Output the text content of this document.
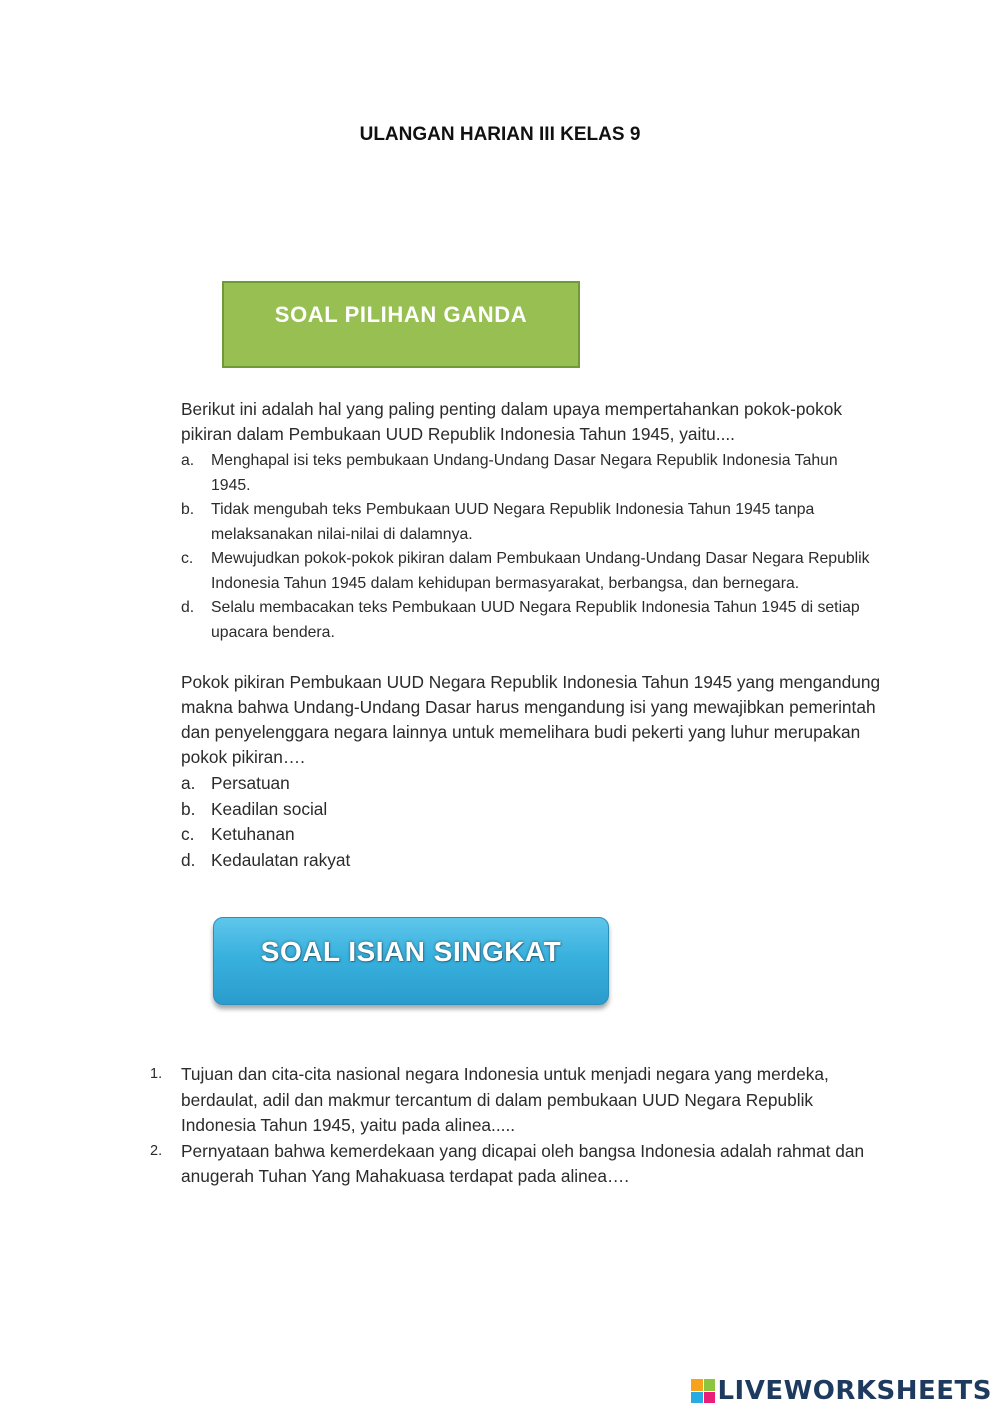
ULANGAN HARIAN III KELAS 9
SOAL PILIHAN GANDA
Berikut ini adalah hal yang paling penting dalam upaya mempertahankan pokok-pokok pikiran dalam Pembukaan UUD Republik Indonesia Tahun 1945, yaitu....
a.	Menghapal isi teks pembukaan Undang-Undang Dasar Negara Republik Indonesia Tahun 1945.
b.	Tidak mengubah teks Pembukaan UUD Negara Republik Indonesia Tahun 1945 tanpa melaksanakan nilai-nilai di dalamnya.
c.	Mewujudkan pokok-pokok pikiran dalam Pembukaan Undang-Undang Dasar Negara Republik Indonesia Tahun 1945 dalam kehidupan bermasyarakat, berbangsa, dan bernegara.
d.	Selalu membacakan teks Pembukaan UUD Negara Republik Indonesia Tahun 1945 di setiap upacara bendera.
Pokok pikiran Pembukaan UUD Negara Republik Indonesia Tahun 1945 yang mengandung makna bahwa Undang-Undang Dasar harus mengandung isi yang mewajibkan pemerintah dan penyelenggara negara lainnya untuk memelihara budi pekerti yang luhur merupakan pokok pikiran….
a. Persatuan
b. Keadilan social
c. Ketuhanan
d. Kedaulatan rakyat
SOAL ISIAN SINGKAT
1.	Tujuan dan cita-cita nasional negara Indonesia untuk menjadi negara yang merdeka, berdaulat, adil dan makmur tercantum di dalam pembukaan UUD Negara Republik Indonesia Tahun 1945, yaitu pada alinea.....
2.	Pernyataan bahwa kemerdekaan yang dicapai oleh bangsa Indonesia adalah rahmat dan anugerah Tuhan Yang Mahakuasa terdapat pada alinea….
LIVEWORKSHEETS
